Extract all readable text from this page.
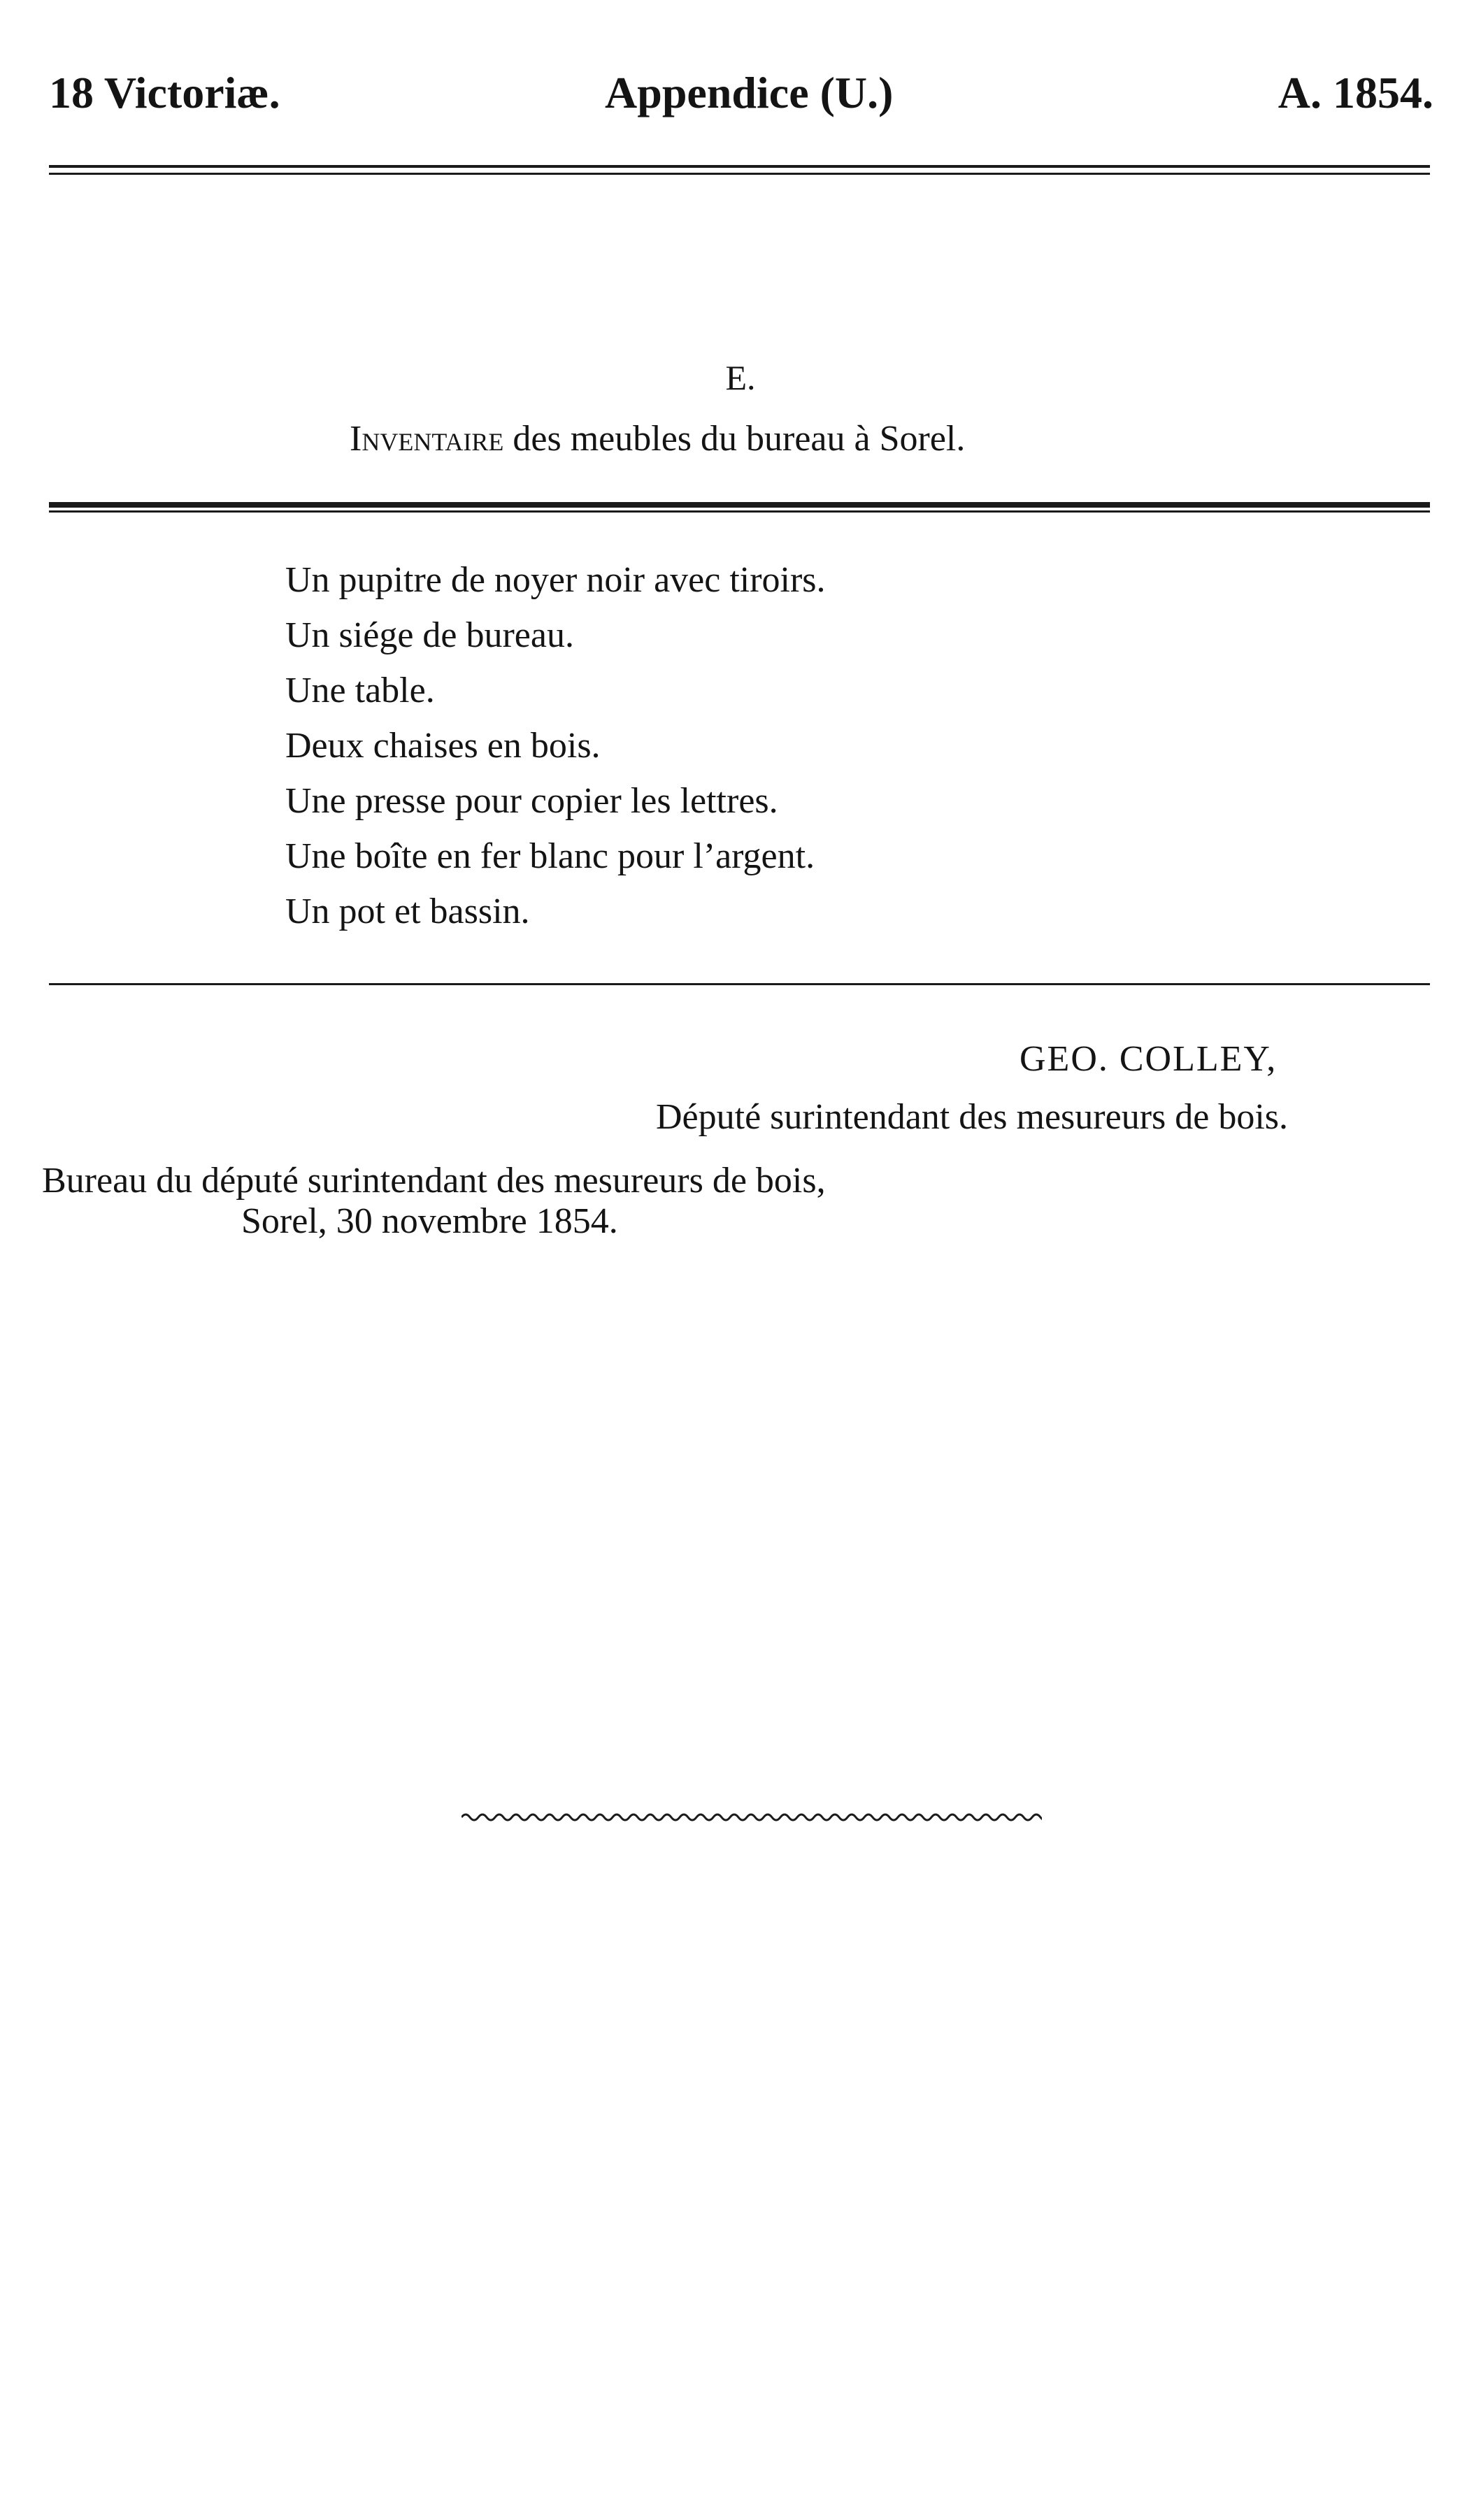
18 Victoriæ.	Appendice (U.)	A. 1854.
E.
Inventaire des meubles du bureau à Sorel.
Un pupitre de noyer noir avec tiroirs.
Un siége de bureau.
Une table.
Deux chaises en bois.
Une presse pour copier les lettres.
Une boîte en fer blanc pour l’argent.
Un pot et bassin.
GEO. COLLEY,
Député surintendant des mesureurs de bois.
Bureau du député surintendant des mesureurs de bois,
Sorel, 30 novembre 1854.
